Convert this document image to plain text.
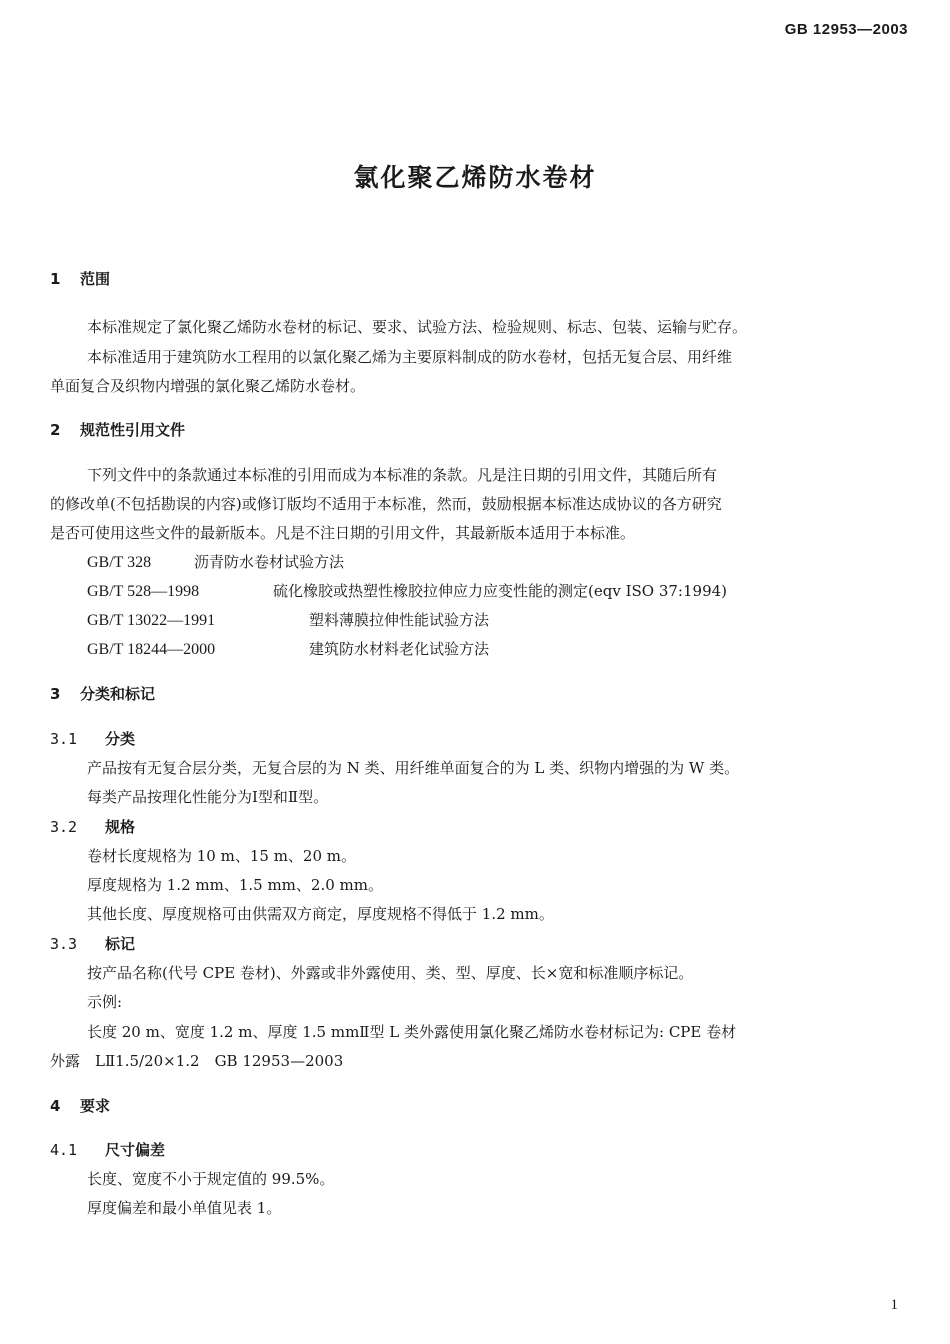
GB 12953—2003
氯化聚乙烯防水卷材
1 范围
本标准规定了氯化聚乙烯防水卷材的标记、要求、试验方法、检验规则、标志、包装、运输与贮存。
本标准适用于建筑防水工程用的以氯化聚乙烯为主要原料制成的防水卷材，包括无复合层、用纤维
单面复合及织物内增强的氯化聚乙烯防水卷材。
2 规范性引用文件
下列文件中的条款通过本标准的引用而成为本标准的条款。凡是注日期的引用文件，其随后所有
的修改单(不包括勘误的内容)或修订版均不适用于本标准，然而，鼓励根据本标准达成协议的各方研究
是否可使用这些文件的最新版本。凡是不注日期的引用文件，其最新版本适用于本标准。
GB/T 328	沥青防水卷材试验方法
GB/T 528—1998	硫化橡胶或热塑性橡胶拉伸应力应变性能的测定(eqv ISO 37:1994)
GB/T 13022—1991	塑料薄膜拉伸性能试验方法
GB/T 18244—2000	建筑防水材料老化试验方法
3 分类和标记
3.1 分类
产品按有无复合层分类，无复合层的为 N 类、用纤维单面复合的为 L 类、织物内增强的为 W 类。
每类产品按理化性能分为Ⅰ型和Ⅱ型。
3.2 规格
卷材长度规格为 10 m、15 m、20 m。
厚度规格为 1.2 mm、1.5 mm、2.0 mm。
其他长度、厚度规格可由供需双方商定，厚度规格不得低于 1.2 mm。
3.3 标记
按产品名称(代号 CPE 卷材)、外露或非外露使用、类、型、厚度、长×宽和标准顺序标记。
示例:
长度 20 m、宽度 1.2 m、厚度 1.5 mmⅡ型 L 类外露使用氯化聚乙烯防水卷材标记为: CPE 卷材
外露　LⅡ1.5/20×1.2　GB 12953—2003
4 要求
4.1 尺寸偏差
长度、宽度不小于规定值的 99.5%。
厚度偏差和最小单值见表 1。
1
